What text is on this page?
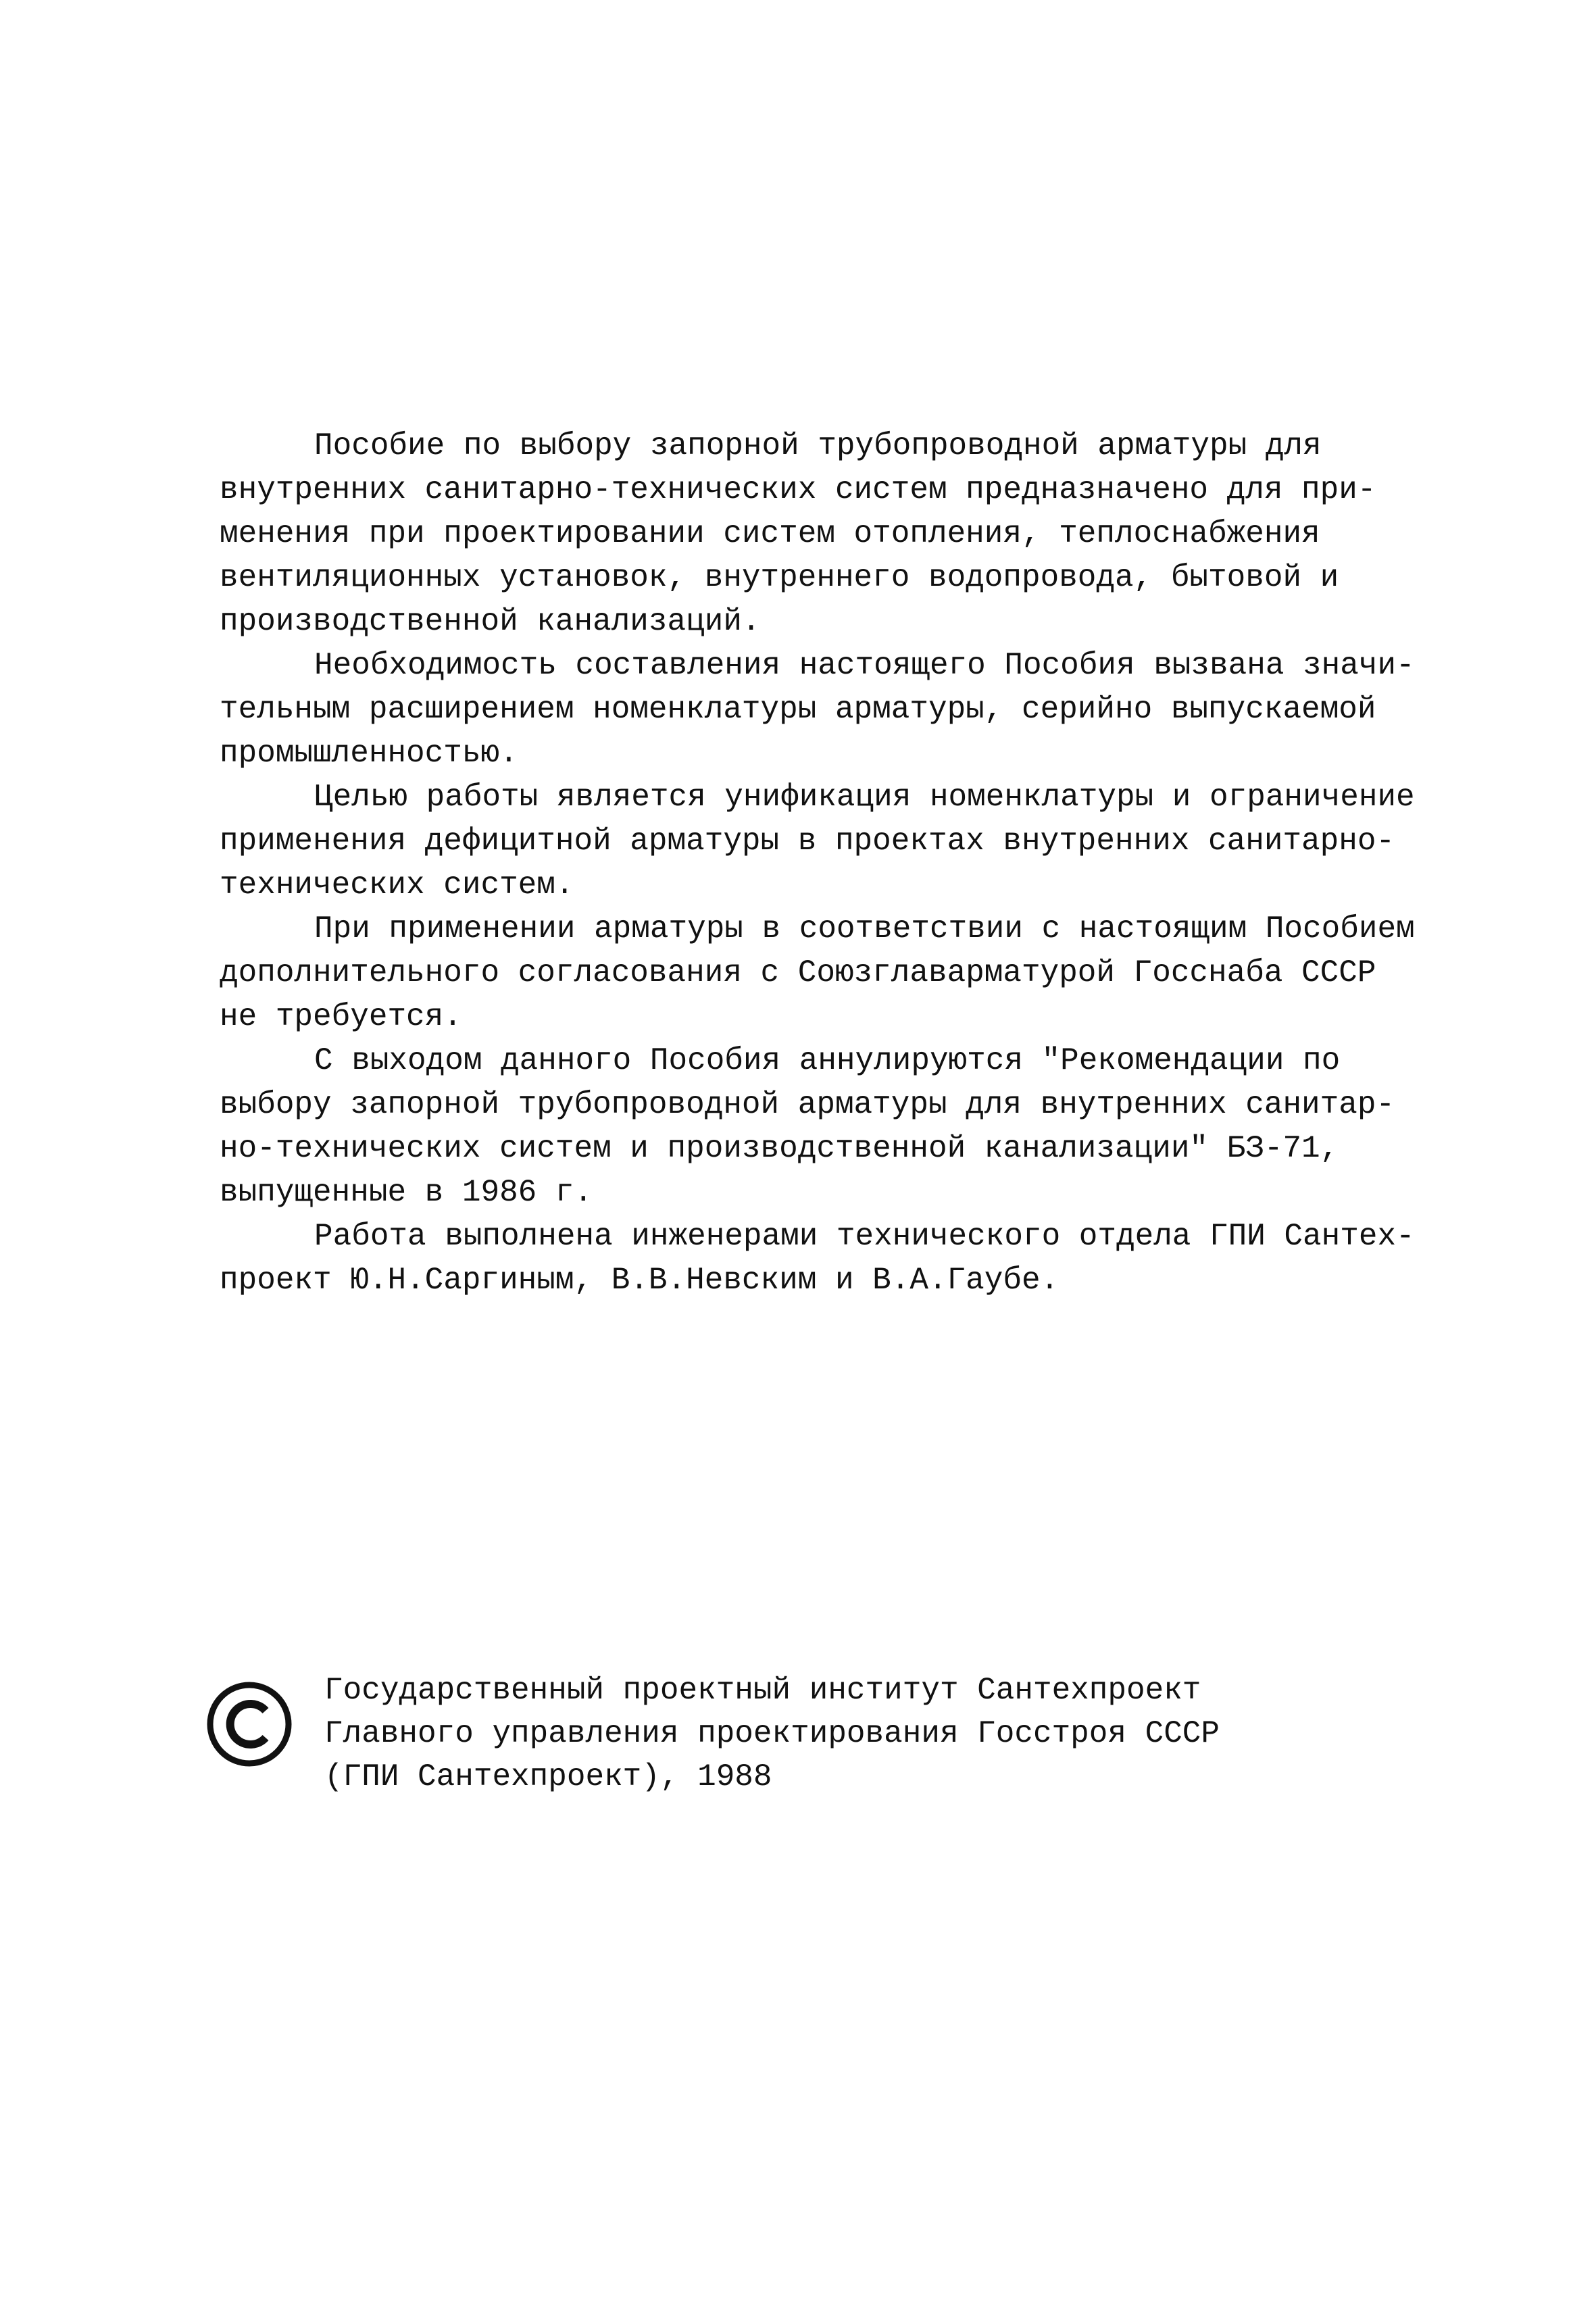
Пособие по выбору запорной трубопроводной арматуры для
внутренних санитарно-технических систем предназначено для при-
менения при проектировании систем отопления, теплоснабжения
вентиляционных установок, внутреннего водопровода, бытовой и
производственной канализаций.
Необходимость составления настоящего Пособия вызвана значи-
тельным расширением номенклатуры арматуры, серийно выпускаемой
промышленностью.
Целью работы является унификация номенклатуры и ограничение
применения дефицитной арматуры в проектах внутренних санитарно-
технических систем.
При применении арматуры в соответствии с настоящим Пособием
дополнительного согласования с Союзглаварматурой Госснаба СССР
не требуется.
С выходом данного Пособия аннулируются "Рекомендации по
выбору запорной трубопроводной арматуры для внутренних санитар-
но-технических систем и производственной канализации" БЗ-71,
выпущенные в 1986 г.
Работа выполнена инженерами технического отдела ГПИ Сантех-
проект Ю.Н.Саргиным, В.В.Невским и В.А.Гаубе.
Государственный проектный институт Сантехпроект
Главного управления проектирования Госстроя СССР
(ГПИ Сантехпроект), 1988
